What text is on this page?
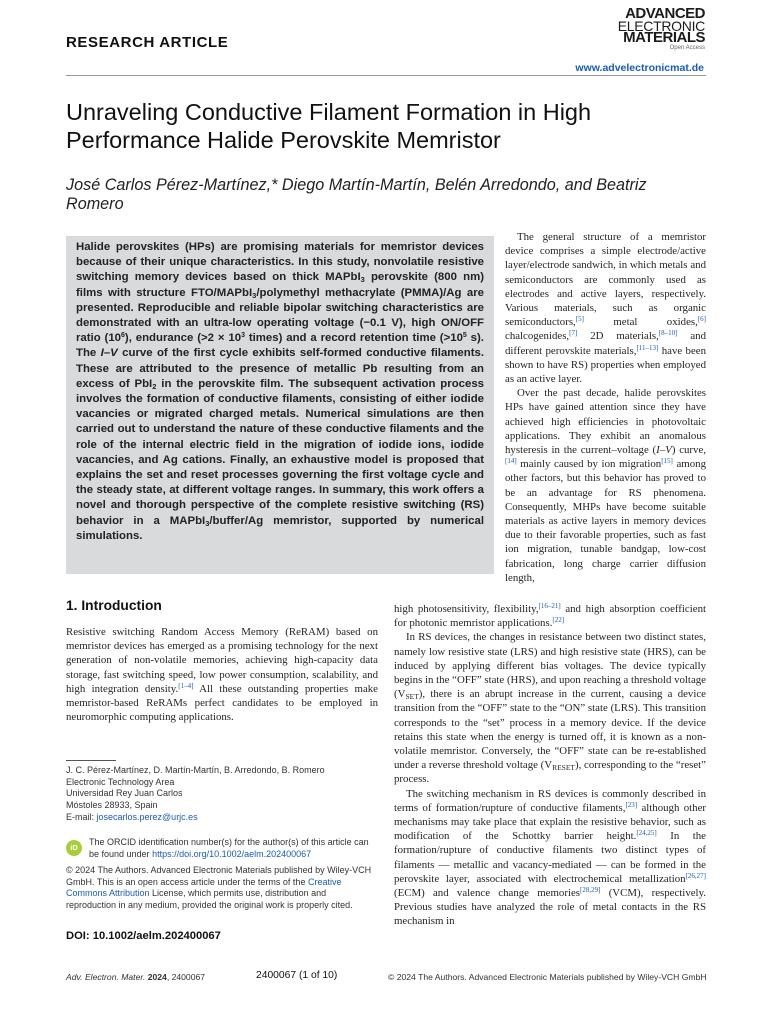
RESEARCH ARTICLE
ADVANCED
ELECTRONIC
MATERIALS
Open Access
www.advelectronicmat.de
Unraveling Conductive Filament Formation in High
Performance Halide Perovskite Memristor
José Carlos Pérez-Martínez,* Diego Martín-Martín, Belén Arredondo, and Beatriz Romero

Halide perovskites (HPs) are promising materials for memristor devices because of their unique characteristics. In this study, nonvolatile resistive switching memory devices based on thick MAPbI$_3$ perovskite (800 nm) films with structure FTO/MAPbI$_3$/polymethyl methacrylate (PMMA)/Ag are presented. Reproducible and reliable bipolar switching characteristics are demonstrated with an ultra-low operating voltage (−0.1 V), high ON/OFF ratio $(10^6)$, endurance ($>2 \times 10^3$ times) and a record retention time ($>10^5$ s). The I–V curve of the first cycle exhibits self-formed conductive filaments. These are attributed to the presence of metallic Pb resulting from an excess of PbI$_2$ in the perovskite film. The subsequent activation process involves the formation of conductive filaments, consisting of either iodide vacancies or migrated charged metals. Numerical simulations are then carried out to understand the nature of these conductive filaments and the role of the internal electric field in the migration of iodide ions, iodide vacancies, and Ag cations. Finally, an exhaustive model is proposed that explains the set and reset processes governing the first voltage cycle and the steady state, at different voltage ranges. In summary, this work offers a novel and thorough perspective of the complete resistive switching (RS) behavior in a MAPbI$_3$/buffer/Ag memristor, supported by numerical simulations.

The general structure of a memristor device comprises a simple electrode/active layer/electrode sandwich, in which metals and semiconductors are commonly used as electrodes and active layers, respectively. Various materials, such as organic semiconductors,[5] metal oxides,[6] chalcogenides,[7] 2D materials,[8–10] and different perovskite materials,[11–13] have been shown to have RS) properties when employed as an active layer.

Over the past decade, halide perovskites HPs have gained attention since they have achieved high efficiencies in photovoltaic applications. They exhibit an anomalous hysteresis in the current–voltage (I–V) curve,[14] mainly caused by ion migration[15] among other factors, but this behavior has proved to be an advantage for RS phenomena. Consequently, MHPs have become suitable materials as active layers in memory devices due to their favorable properties, such as fast ion migration, tunable bandgap, low-cost fabrication, long charge carrier diffusion length,

high photosensitivity, flexibility,[16–21] and high absorption coefficient for photonic memristor applications.[22]

In RS devices, the changes in resistance between two distinct states, namely low resistive state (LRS) and high resistive state (HRS), can be induced by applying different bias voltages. The device typically begins in the “OFF” state (HRS), and upon reaching a threshold voltage $(V_{SET})$, there is an abrupt increase in the current, causing a device transition from the “OFF” state to the “ON” state (LRS). This transition corresponds to the “set” process in a memory device. If the device retains this state when the energy is turned off, it is known as a non-volatile memristor. Conversely, the “OFF” state can be re-established under a reverse threshold voltage $(V_{RESET})$, corresponding to the “reset” process.

The switching mechanism in RS devices is commonly described in terms of formation/rupture of conductive filaments,[23] although other mechanisms may take place that explain the resistive behavior, such as modification of the Schottky barrier height.[24,25] In the formation/rupture of conductive filaments two distinct types of filaments — metallic and vacancy-mediated — can be formed in the perovskite layer, associated with electrochemical metallization[26,27] (ECM) and valence change memories[28,29] (VCM), respectively. Previous studies have analyzed the role of metal contacts in the RS mechanism in

1. Introduction

Resistive switching Random Access Memory (ReRAM) based on memristor devices has emerged as a promising technology for the next generation of non-volatile memories, achieving high-capacity data storage, fast switching speed, low power consumption, scalability, and high integration density.[1–4] All these outstanding properties make memristor-based ReRAMs perfect candidates to be employed in neuromorphic computing applications.

J. C. Pérez-Martínez, D. Martín-Martín, B. Arredondo, B. Romero
Electronic Technology Area
Universidad Rey Juan Carlos
Móstoles 28933, Spain
E-mail: josecarlos.perez@urjc.es
iD
The ORCID identification number(s) for the author(s) of this article can be found under https://doi.org/10.1002/aelm.202400067
© 2024 The Authors. Advanced Electronic Materials published by Wiley-VCH GmbH. This is an open access article under the terms of the Creative Commons Attribution License, which permits use, distribution and reproduction in any medium, provided the original work is properly cited.
DOI: 10.1002/aelm.202400067
Adv. Electron. Mater. 2024, 2400067	2400067 (1 of 10)	© 2024 The Authors. Advanced Electronic Materials published by Wiley-VCH GmbH
